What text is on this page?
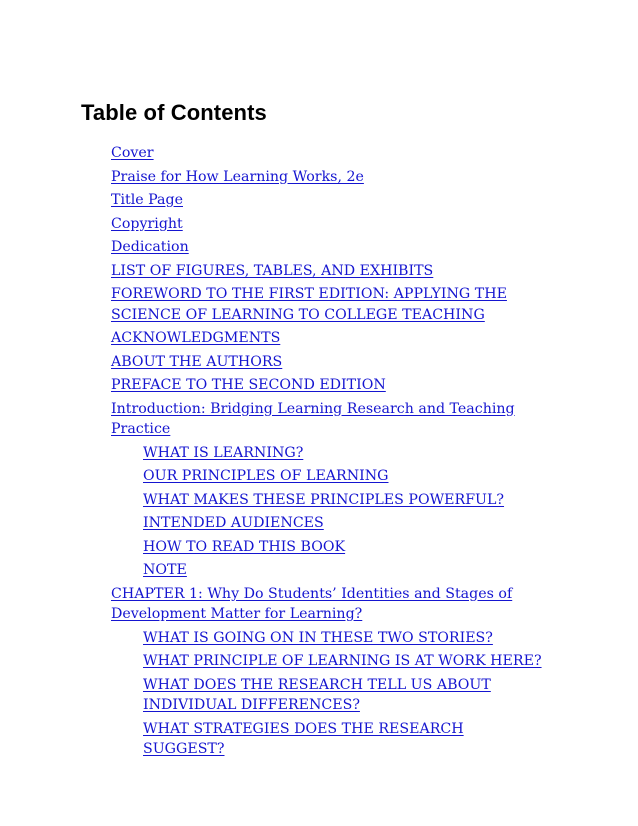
Table of Contents
Cover
Praise for How Learning Works, 2e
Title Page
Copyright
Dedication
LIST OF FIGURES, TABLES, AND EXHIBITS
FOREWORD TO THE FIRST EDITION: APPLYING THE SCIENCE OF LEARNING TO COLLEGE TEACHING
ACKNOWLEDGMENTS
ABOUT THE AUTHORS
PREFACE TO THE SECOND EDITION
Introduction: Bridging Learning Research and Teaching Practice
WHAT IS LEARNING?
OUR PRINCIPLES OF LEARNING
WHAT MAKES THESE PRINCIPLES POWERFUL?
INTENDED AUDIENCES
HOW TO READ THIS BOOK
NOTE
CHAPTER 1: Why Do Students’ Identities and Stages of Development Matter for Learning?
WHAT IS GOING ON IN THESE TWO STORIES?
WHAT PRINCIPLE OF LEARNING IS AT WORK HERE?
WHAT DOES THE RESEARCH TELL US ABOUT INDIVIDUAL DIFFERENCES?
WHAT STRATEGIES DOES THE RESEARCH SUGGEST?
